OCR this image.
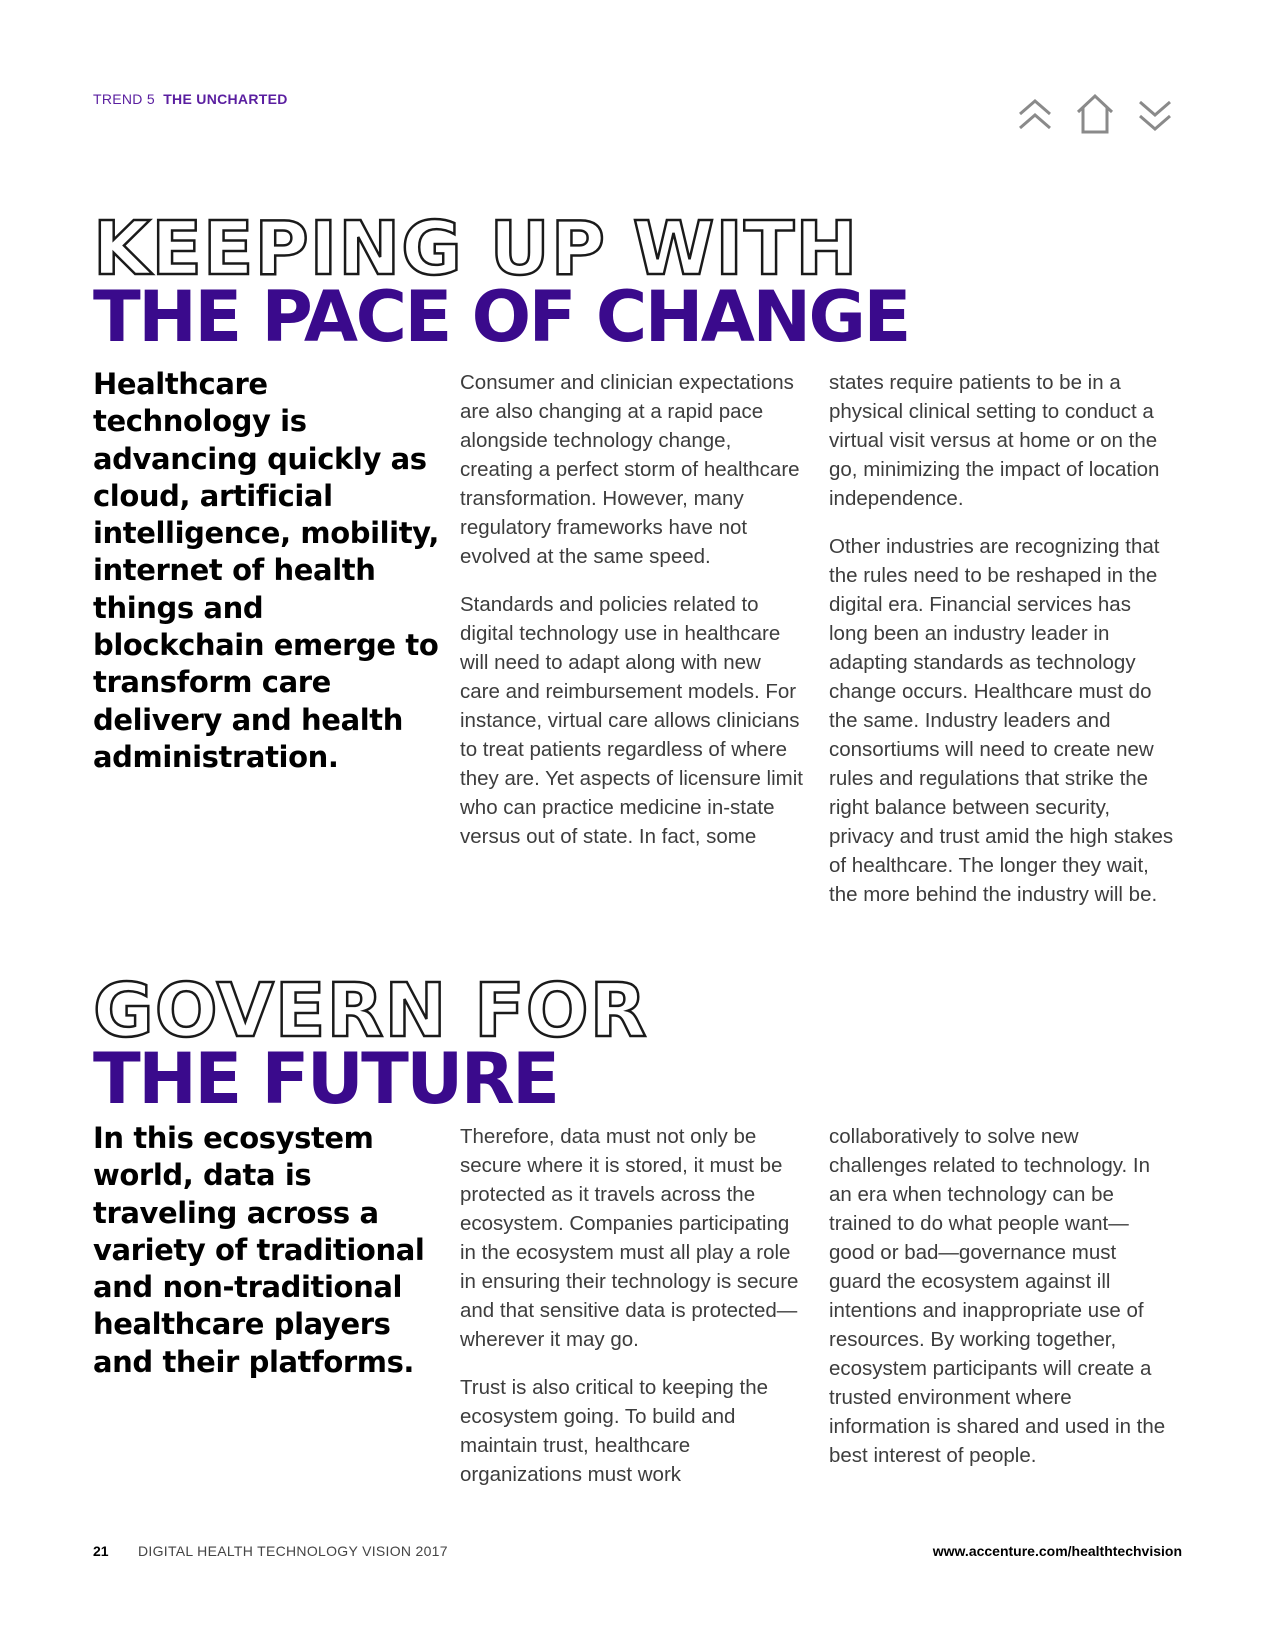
TREND 5 THE UNCHARTED
KEEPING UP WITH
THE PACE OF CHANGE

Healthcare technology is advancing quickly as cloud, artificial intelligence, mobility, internet of health things and blockchain emerge to transform care delivery and health administration.

Consumer and clinician expectations are also changing at a rapid pace alongside technology change, creating a perfect storm of healthcare transformation. However, many regulatory frameworks have not evolved at the same speed.

Standards and policies related to digital technology use in healthcare will need to adapt along with new care and reimbursement models. For instance, virtual care allows clinicians to treat patients regardless of where they are. Yet aspects of licensure limit who can practice medicine in-state versus out of state. In fact, some

states require patients to be in a physical clinical setting to conduct a virtual visit versus at home or on the go, minimizing the impact of location independence.

Other industries are recognizing that the rules need to be reshaped in the digital era. Financial services has long been an industry leader in adapting standards as technology change occurs. Healthcare must do the same. Industry leaders and consortiums will need to create new rules and regulations that strike the right balance between security, privacy and trust amid the high stakes of healthcare. The longer they wait, the more behind the industry will be.

GOVERN FOR
THE FUTURE

In this ecosystem world, data is traveling across a variety of traditional and non-traditional healthcare players and their platforms.

Therefore, data must not only be secure where it is stored, it must be protected as it travels across the ecosystem. Companies participating in the ecosystem must all play a role in ensuring their technology is secure and that sensitive data is protected—wherever it may go.

Trust is also critical to keeping the ecosystem going. To build and maintain trust, healthcare organizations must work

collaboratively to solve new challenges related to technology. In an era when technology can be trained to do what people want—good or bad—governance must guard the ecosystem against ill intentions and inappropriate use of resources. By working together, ecosystem participants will create a trusted environment where information is shared and used in the best interest of people.

21 DIGITAL HEALTH TECHNOLOGY VISION 2017	www.accenture.com/healthtechvision
